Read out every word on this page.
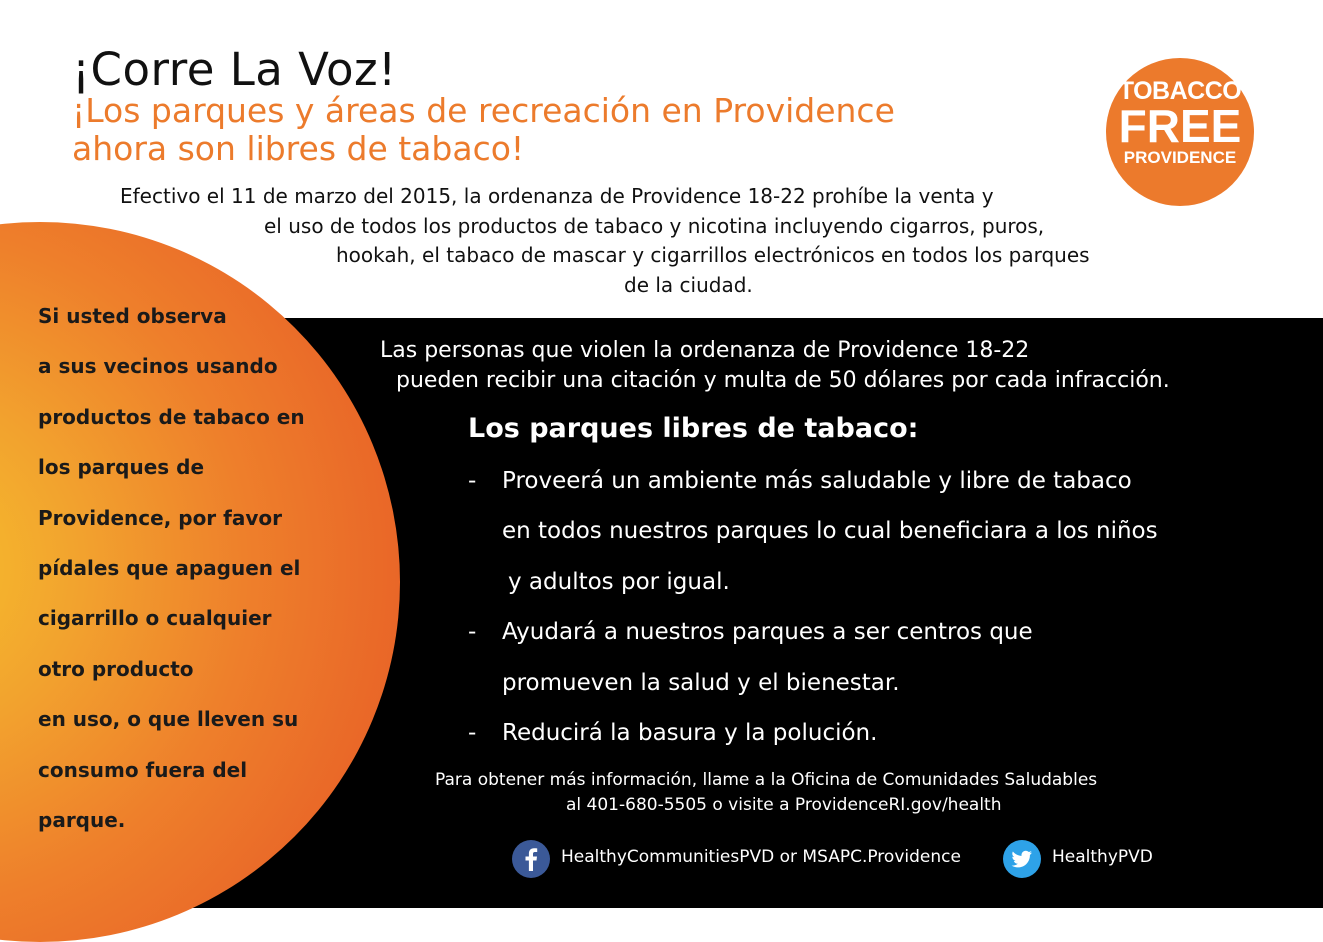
¡Corre La Voz!
¡Los parques y áreas de recreación en Providence
ahora son libres de tabaco!
TOBACCO
FREE
PROVIDENCE
Efectivo el 11 de marzo del 2015, la ordenanza de Providence 18-22 prohíbe la venta y
el uso de todos los productos de tabaco y nicotina incluyendo cigarros, puros,
hookah, el tabaco de mascar y cigarrillos electrónicos en todos los parques
de la ciudad.
Si usted observa
a sus vecinos usando
productos de tabaco en
los parques de
Providence, por favor
pídales que apaguen el
cigarrillo o cualquier
otro producto
en uso, o que lleven su
consumo fuera del
parque.
Las personas que violen la ordenanza de Providence 18-22
pueden recibir una citación y multa de 50 dólares por cada infracción.
Los parques libres de tabaco:
- Proveerá un ambiente más saludable y libre de tabaco
en todos nuestros parques lo cual beneficiara a los niños
y adultos por igual.
- Ayudará a nuestros parques a ser centros que
promueven la salud y el bienestar.
- Reducirá la basura y la polución.
Para obtener más información, llame a la Oficina de Comunidades Saludables
al 401-680-5505 o visite a ProvidenceRI.gov/health
HealthyCommunitiesPVD or MSAPC.Providence	HealthyPVD
